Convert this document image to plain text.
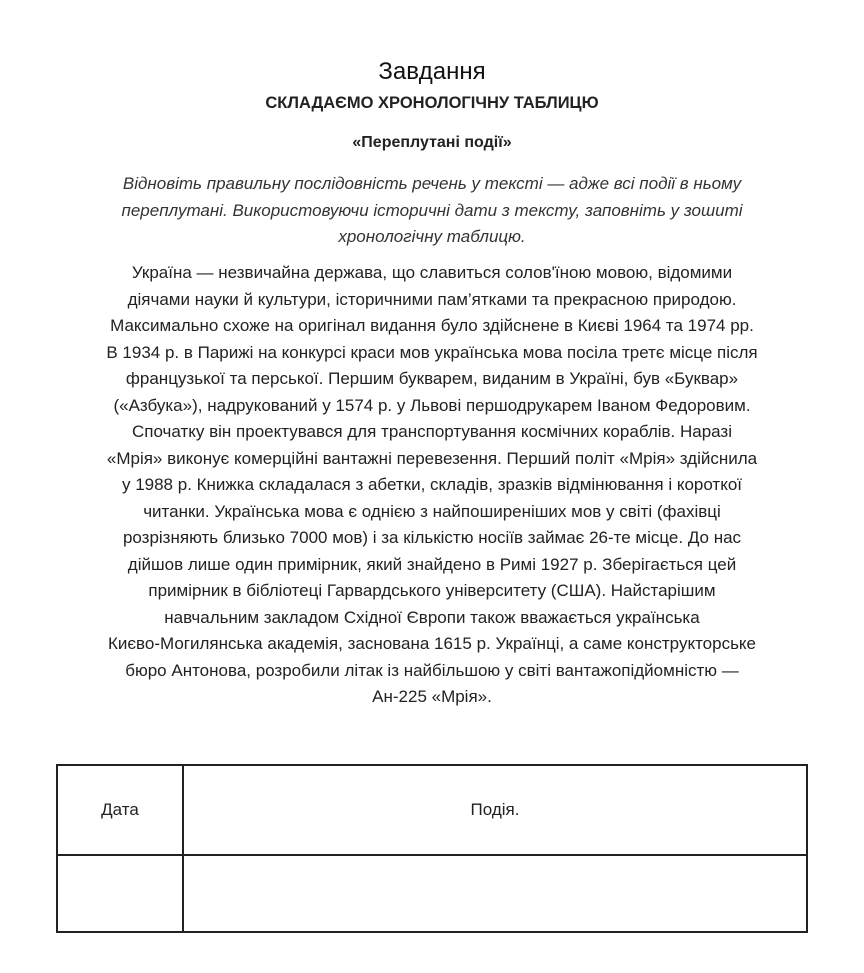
Завдання
СКЛАДАЄМО ХРОНОЛОГІЧНУ ТАБЛИЦЮ
«Переплутані події»
Відновіть правильну послідовність речень у тексті — адже всі події в ньому
переплутані. Використовуючи історичні дати з тексту, заповніть у зошиті
хронологічну таблицю.
Україна — незвичайна держава, що славиться солов'їною мовою, відомими
діячами науки й культури, історичними пам’ятками та прекрасною природою.
Максимально схоже на оригінал видання було здійснене в Києві 1964 та 1974 рр.
В 1934 р. в Парижі на конкурсі краси мов українська мова посіла третє місце після
французької та перської. Першим букварем, виданим в Україні, був «Буквар»
(«Азбука»), надрукований у 1574 р. у Львові першодрукарем Іваном Федоровим.
Спочатку він проектувався для транспортування космічних кораблів. Наразі
«Мрія» виконує комерційні вантажні перевезення. Перший політ «Мрія» здійснила
у 1988 р. Книжка складалася з абетки, складів, зразків відмінювання і короткої
читанки. Українська мова є однією з найпоширеніших мов у світі (фахівці
розрізняють близько 7000 мов) і за кількістю носіїв займає 26-те місце. До нас
дійшов лише один примірник, який знайдено в Римі 1927 р. Зберігається цей
примірник в бібліотеці Гарвардського університету (США). Найстарішим
навчальним закладом Східної Європи також вважається українська
Києво-Могилянська академія, заснована 1615 р. Українці, а саме конструкторське
бюро Антонова, розробили літак із найбільшою у світі вантажопідйомністю —
Ан-225 «Мрія».
Дата	Подія.
